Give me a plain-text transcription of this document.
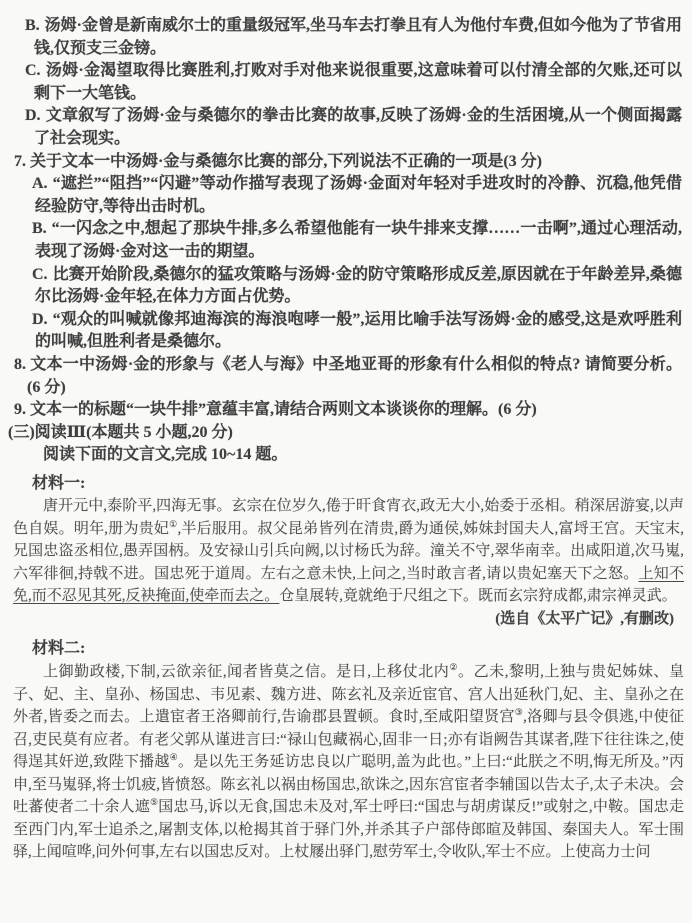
B. 汤姆·金曾是新南威尔士的重量级冠军,坐马车去打拳且有人为他付车费,但如今他为了节省用钱,仅预支三金镑。
C. 汤姆·金渴望取得比赛胜利,打败对手对他来说很重要,这意味着可以付清全部的欠账,还可以剩下一大笔钱。
D. 文章叙写了汤姆·金与桑德尔的拳击比赛的故事,反映了汤姆·金的生活困境,从一个侧面揭露了社会现实。
7. 关于文本一中汤姆·金与桑德尔比赛的部分,下列说法不正确的一项是(3 分)
A. “遮拦”“阻挡”“闪避”等动作描写表现了汤姆·金面对年轻对手进攻时的冷静、沉稳,他凭借经验防守,等待出击时机。
B. “一闪念之中,想起了那块牛排,多么希望他能有一块牛排来支撑……一击啊”,通过心理活动,表现了汤姆·金对这一击的期望。
C. 比赛开始阶段,桑德尔的猛攻策略与汤姆·金的防守策略形成反差,原因就在于年龄差异,桑德尔比汤姆·金年轻,在体力方面占优势。
D. “观众的叫喊就像邦迪海滨的海浪咆哮一般”,运用比喻手法写汤姆·金的感受,这是欢呼胜利的叫喊,但胜利者是桑德尔。
8. 文本一中汤姆·金的形象与《老人与海》中圣地亚哥的形象有什么相似的特点? 请简要分析。(6 分)
9. 文本一的标题“一块牛排”意蕴丰富,请结合两则文本谈谈你的理解。(6 分)
(三)阅读Ⅲ(本题共 5 小题,20 分)
阅读下面的文言文,完成 10~14 题。
材料一:

唐开元中,泰阶平,四海无事。玄宗在位岁久,倦于旰食宵衣,政无大小,始委于丞相。稍深居游宴,以声色自娱。明年,册为贵妃①,半后服用。叔父昆弟皆列在清贵,爵为通侯,姊妹封国夫人,富埒王宫。天宝末,兄国忠盗丞相位,愚弄国柄。及安禄山引兵向阙,以讨杨氏为辞。潼关不守,翠华南幸。出咸阳道,次马嵬,六军徘徊,持戟不进。国忠死于道周。左右之意未快,上问之,当时敢言者,请以贵妃塞天下之怒。上知不免,而不忍见其死,反袂掩面,使牵而去之。仓皇展转,竟就绝于尺组之下。既而玄宗狩成都,肃宗禅灵武。

(选自《太平广记》,有删改)
材料二:

上御勤政楼,下制,云欲亲征,闻者皆莫之信。是日,上移仗北内②。乙未,黎明,上独与贵妃姊妹、皇子、妃、主、皇孙、杨国忠、韦见素、魏方进、陈玄礼及亲近宦官、宫人出延秋门,妃、主、皇孙之在外者,皆委之而去。上遣宦者王洛卿前行,告谕郡县置顿。食时,至咸阳望贤宫③,洛卿与县令俱逃,中使征召,吏民莫有应者。有老父郭从谨进言曰:“禄山包藏祸心,固非一日;亦有诣阙告其谋者,陛下往往诛之,使得逞其奸逆,致陛下播越④。是以先王务延访忠良以广聪明,盖为此也。”上曰:“此朕之不明,悔无所及。”丙申,至马嵬驿,将士饥疲,皆愤怒。陈玄礼以祸由杨国忠,欲诛之,因东宫宦者李辅国以告太子,太子未决。会吐蕃使者二十余人遮⑤国忠马,诉以无食,国忠未及对,军士呼曰:“国忠与胡虏谋反!”或射之,中鞍。国忠走至西门内,军士追杀之,屠割支体,以枪揭其首于驿门外,并杀其子户部侍郎暄及韩国、秦国夫人。军士围驿,上闻喧哗,问外何事,左右以国忠反对。上杖屦出驿门,慰劳军士,令收队,军士不应。上使高力士问
